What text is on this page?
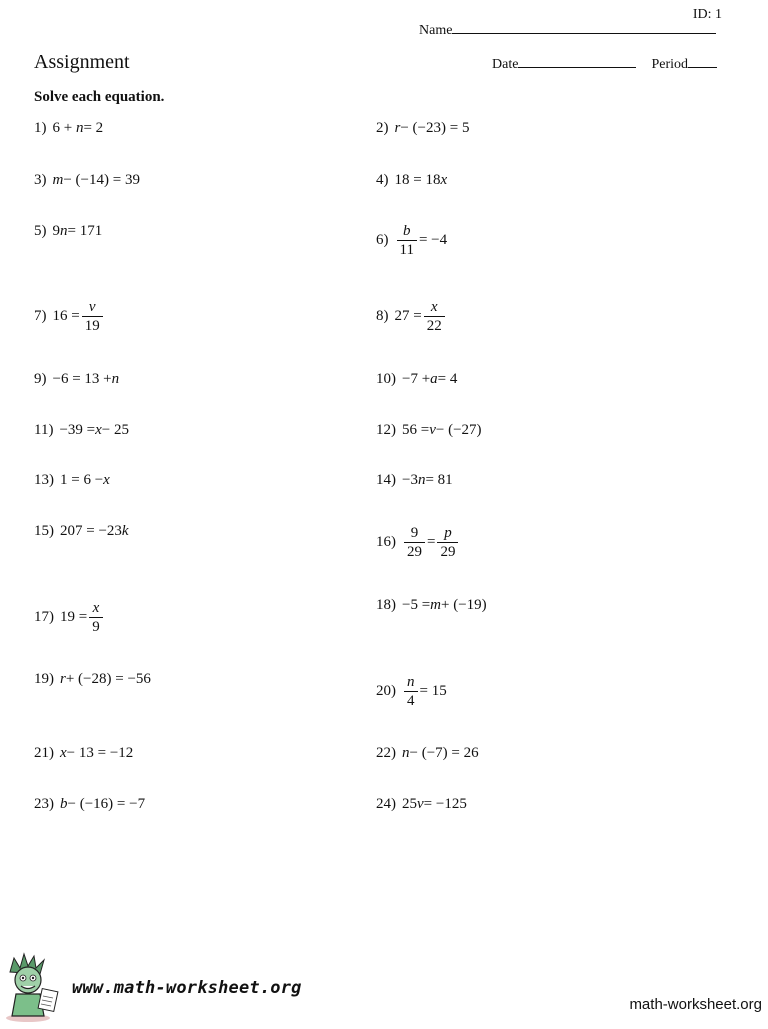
ID: 1
Name
Assignment	Date	Period
Solve each equation.
1) 6 +
n = 2	2) r − (−23) = 5
3) m − (−14) = 39	4) 18 = 18 x
5) 9 n = 171
$6) \frac{b}{11} = -4$
7) $16 = \frac{v}{19}$	8) $27 = \frac{x}{22}$
9) −6 = 13 + n	10) −7 + a = 4
11) −39 = x − 25	12) 56 = v − (−27)
13) 1 = 6 − x	14) −3 n = 81
15) 207 = −23 k
$16) \frac{9}{29} = \frac{p}{29}$
17) $19 = \frac{x}{9}$	18) −5 = m + (−19)
19) r + (−28) = −56
$20) \frac{n}{4} = 15$
21) x − 13 = −12	22) n − (−7) = 26
23) b − (−16) = −7	24) 25 v = −125
www.math-worksheet.org
math-worksheet.org
